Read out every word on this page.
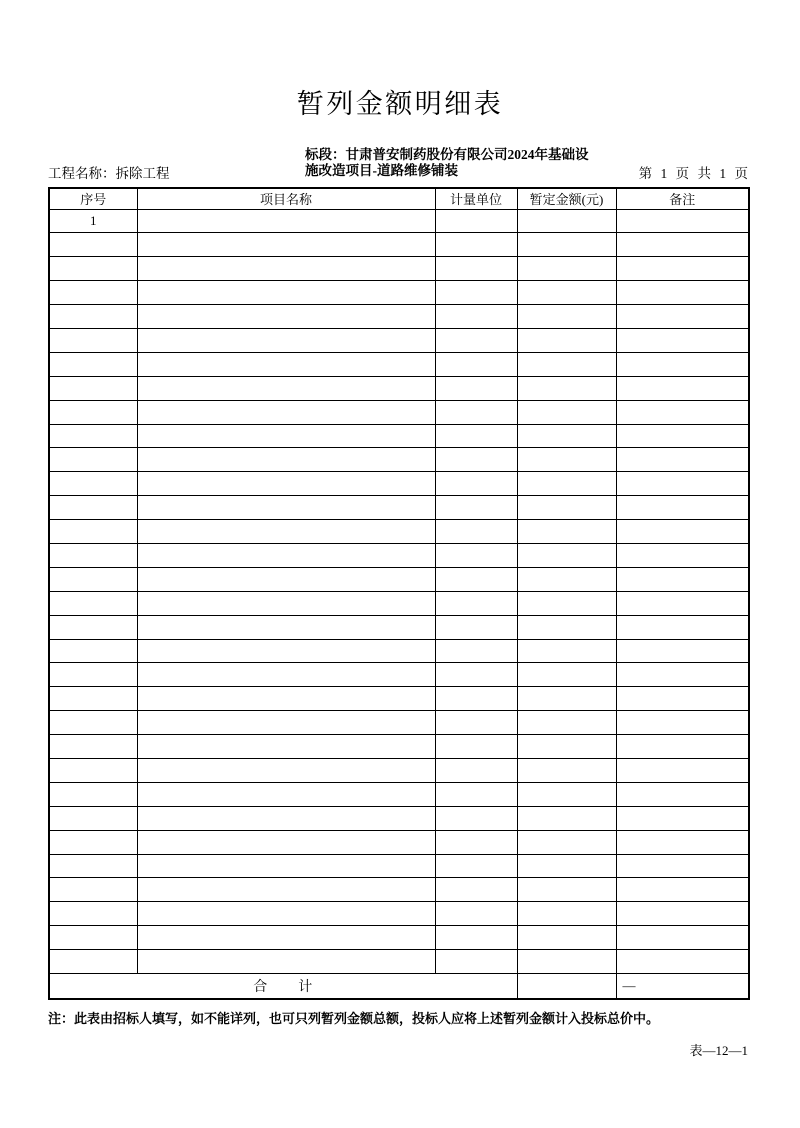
暂列金额明细表
工程名称：拆除工程
标段：甘肃普安制药股份有限公司2024年基础设
施改造项目-道路维修铺装	第 1 页 共 1 页
序号	项目名称	计量单位	暂定金额(元)	备注
1				

合　　计				—
注：此表由招标人填写，如不能详列，也可只列暂列金额总额，投标人应将上述暂列金额计入投标总价中。
表—12—1
